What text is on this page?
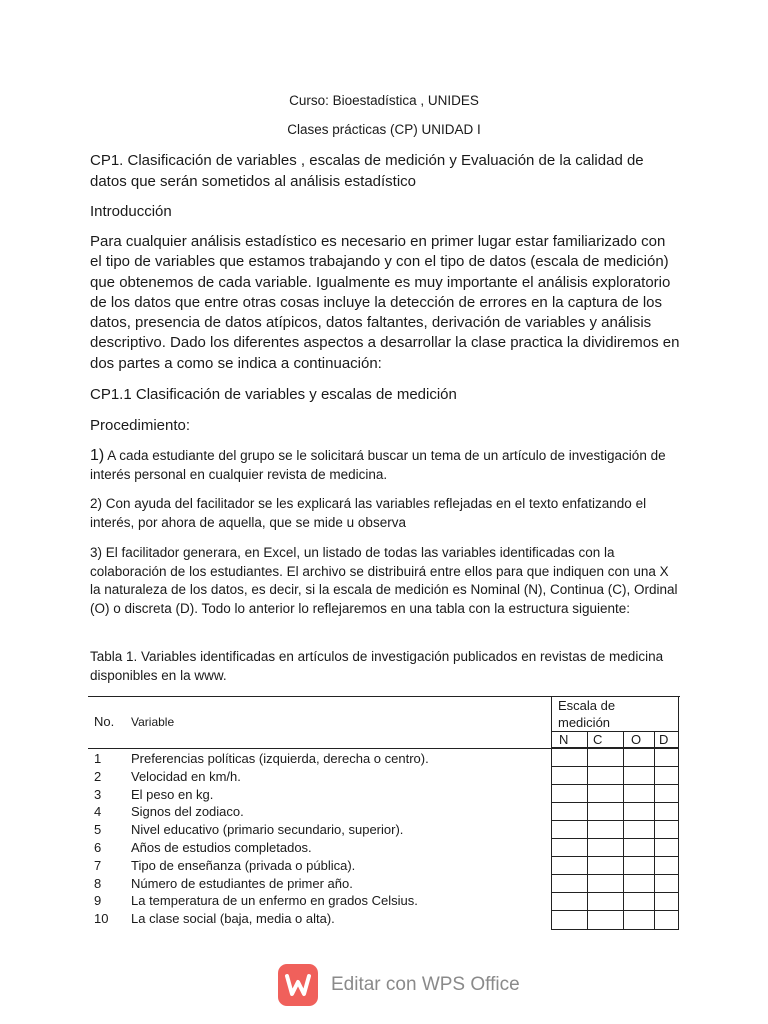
Curso: Bioestadística , UNIDES
Clases prácticas (CP) UNIDAD I
CP1. Clasificación de variables , escalas de medición y Evaluación de la calidad de datos que serán sometidos al análisis estadístico
Introducción
Para cualquier análisis estadístico es necesario en primer lugar estar familiarizado con el tipo de variables que estamos trabajando y con el tipo de datos (escala de medición) que obtenemos de cada variable. Igualmente es muy importante el análisis exploratorio de los datos que entre otras cosas incluye la detección de errores en la captura de los datos, presencia de datos atípicos, datos faltantes, derivación de variables y análisis descriptivo. Dado los diferentes aspectos a desarrollar la clase practica la dividiremos en dos partes a como se indica a continuación:
CP1.1 Clasificación de variables y escalas de medición
Procedimiento:
1) A cada estudiante del grupo se le solicitará buscar un tema de un artículo de investigación de interés personal en cualquier revista de medicina.
2) Con ayuda del facilitador se les explicará las variables reflejadas en el texto enfatizando el interés, por ahora de aquella, que se mide u observa
3) El facilitador generara, en Excel, un listado de todas las variables identificadas con la colaboración de los estudiantes. El archivo se distribuirá entre ellos para que indiquen con una X la naturaleza de los datos, es decir, si la escala de medición es Nominal (N), Continua (C), Ordinal (O) o discreta (D). Todo lo anterior lo reflejaremos en una tabla con la estructura siguiente:
Tabla 1. Variables identificadas en artículos de investigación publicados en revistas de medicina disponibles en la www.
No. Variable
Escala de medición
N C O D
1 Preferencias políticas (izquierda, derecha o centro).
2 Velocidad en km/h.
3 El peso en kg.
4 Signos del zodiaco.
5 Nivel educativo (primario secundario, superior).
6 Años de estudios completados.
7 Tipo de enseñanza (privada o pública).
8 Número de estudiantes de primer año.
9 La temperatura de un enfermo en grados Celsius.
10 La clase social (baja, media o alta).
Editar con WPS Office
